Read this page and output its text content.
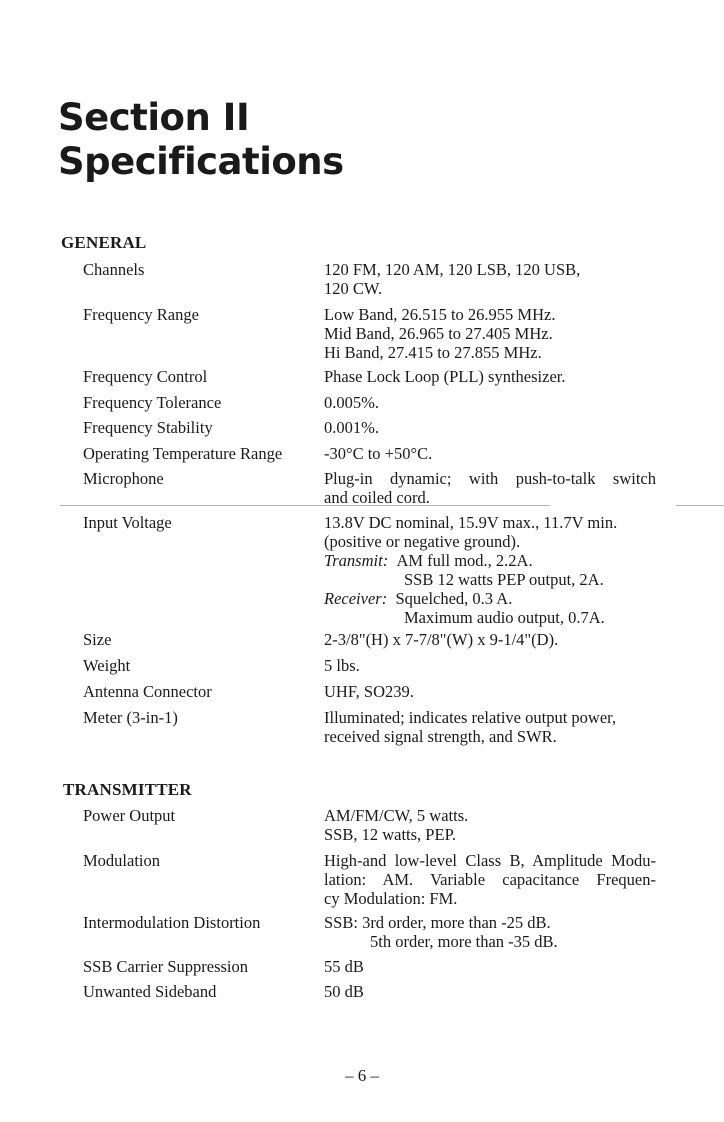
Section II
Specifications
GENERAL
Channels	120 FM, 120 AM, 120 LSB, 120 USB,
120 CW.
Frequency Range	Low Band, 26.515 to 26.955 MHz.
Mid Band, 26.965 to 27.405 MHz.
Hi Band, 27.415 to 27.855 MHz.
Frequency Control	Phase Lock Loop (PLL) synthesizer.
Frequency Tolerance	0.005%.
Frequency Stability	0.001%.
Operating Temperature Range	-30°C to +50°C.
Microphone	Plug-in dynamic; with push-to-talk switch
and coiled cord.
Input Voltage	13.8V DC nominal, 15.9V max., 11.7V min.
(positive or negative ground).
Transmit: AM full mod., 2.2A.
SSB 12 watts PEP output, 2A.
Receiver: Squelched, 0.3 A.
Maximum audio output, 0.7A.
Size	2-3/8"(H) x 7-7/8"(W) x 9-1/4"(D).
Weight	5 lbs.
Antenna Connector	UHF, SO239.
Meter (3-in-1)	Illuminated; indicates relative output power,
received signal strength, and SWR.
TRANSMITTER
Power Output	AM/FM/CW, 5 watts.
SSB, 12 watts, PEP.
Modulation	High-and low-level Class B, Amplitude Modu-
lation: AM. Variable capacitance Frequen-
cy Modulation: FM.
Intermodulation Distortion	SSB: 3rd order, more than -25 dB.
5th order, more than -35 dB.
SSB Carrier Suppression	55 dB
Unwanted Sideband	50 dB
– 6 –
